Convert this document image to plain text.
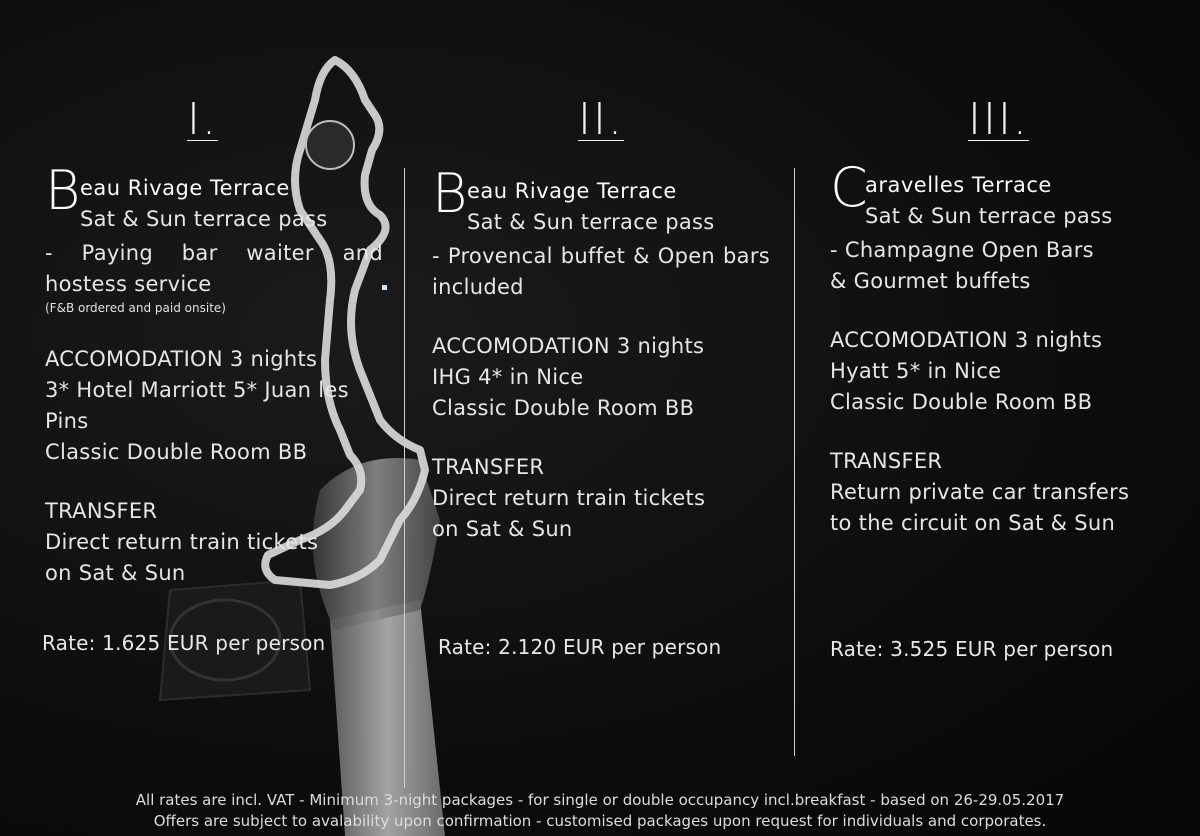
I.	II.	III.
B eau Rivage Terrace
Sat & Sun terrace pass
- Paying bar waiter and hostess service
(F&B ordered and paid onsite)
ACCOMODATION 3 nights
3* Hotel Marriott 5* Juan les Pins
Classic Double Room BB
TRANSFER
Direct return train tickets
on Sat & Sun
Rate: 1.625 EUR per person
B eau Rivage Terrace
Sat & Sun terrace pass
- Provencal buffet & Open bars included
ACCOMODATION 3 nights
IHG 4* in Nice
Classic Double Room BB
TRANSFER
Direct return train tickets
on Sat & Sun
Rate: 2.120 EUR per person
C
aravelles Terrace
Sat & Sun terrace pass
- Champagne Open Bars
& Gourmet buffets
ACCOMODATION 3 nights
Hyatt 5* in Nice
Classic Double Room BB
TRANSFER
Return private car transfers
to the circuit on Sat & Sun
Rate: 3.525 EUR per person
All rates are incl. VAT - Minimum 3-night packages - for single or double occupancy incl.breakfast - based on 26-29.05.2017
Offers are subject to avalability upon confirmation - customised packages upon request for individuals and corporates.
